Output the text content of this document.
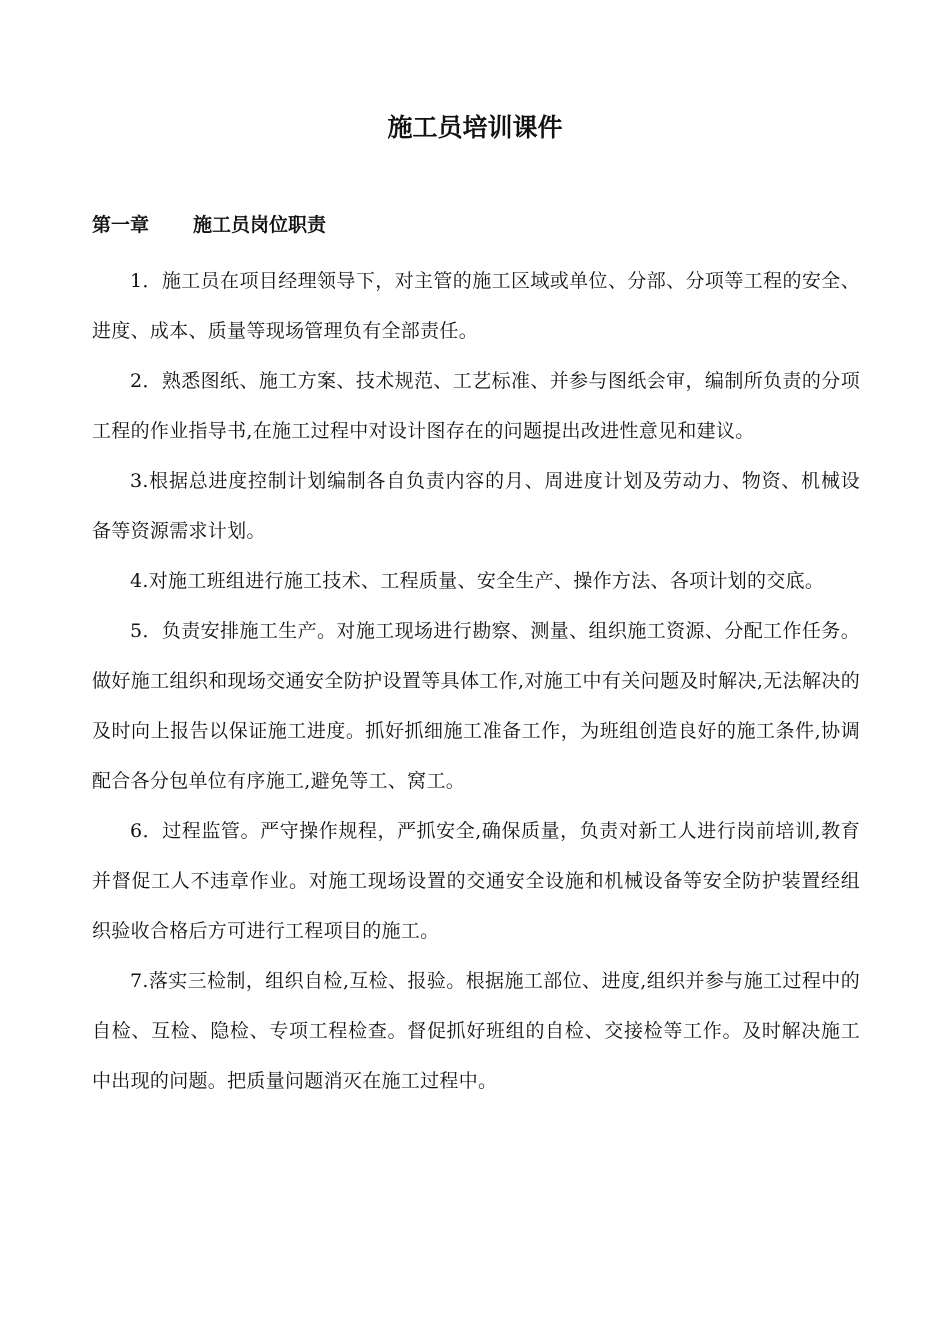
施工员培训课件
第一章 施工员岗位职责

1．施工员在项目经理领导下，对主管的施工区域或单位、分部、分项等工程的安全、进度、成本、质量等现场管理负有全部责任。

2．熟悉图纸、施工方案、技术规范、工艺标准、并参与图纸会审，编制所负责的分项工程的作业指导书,在施工过程中对设计图存在的问题提出改进性意见和建议。

3.根据总进度控制计划编制各自负责内容的月、周进度计划及劳动力、物资、机械设备等资源需求计划。

4.对施工班组进行施工技术、工程质量、安全生产、操作方法、各项计划的交底。

5．负责安排施工生产。对施工现场进行勘察、测量、组织施工资源、分配工作任务。做好施工组织和现场交通安全防护设置等具体工作,对施工中有关问题及时解决,无法解决的及时向上报告以保证施工进度。抓好抓细施工准备工作，为班组创造良好的施工条件,协调配合各分包单位有序施工,避免等工、窝工。

6．过程监管。严守操作规程，严抓安全,确保质量，负责对新工人进行岗前培训,教育并督促工人不违章作业。对施工现场设置的交通安全设施和机械设备等安全防护装置经组织验收合格后方可进行工程项目的施工。

7.落实三检制，组织自检,互检、报验。根据施工部位、进度,组织并参与施工过程中的自检、互检、隐检、专项工程检查。督促抓好班组的自检、交接检等工作。及时解决施工中出现的问题。把质量问题消灭在施工过程中。
